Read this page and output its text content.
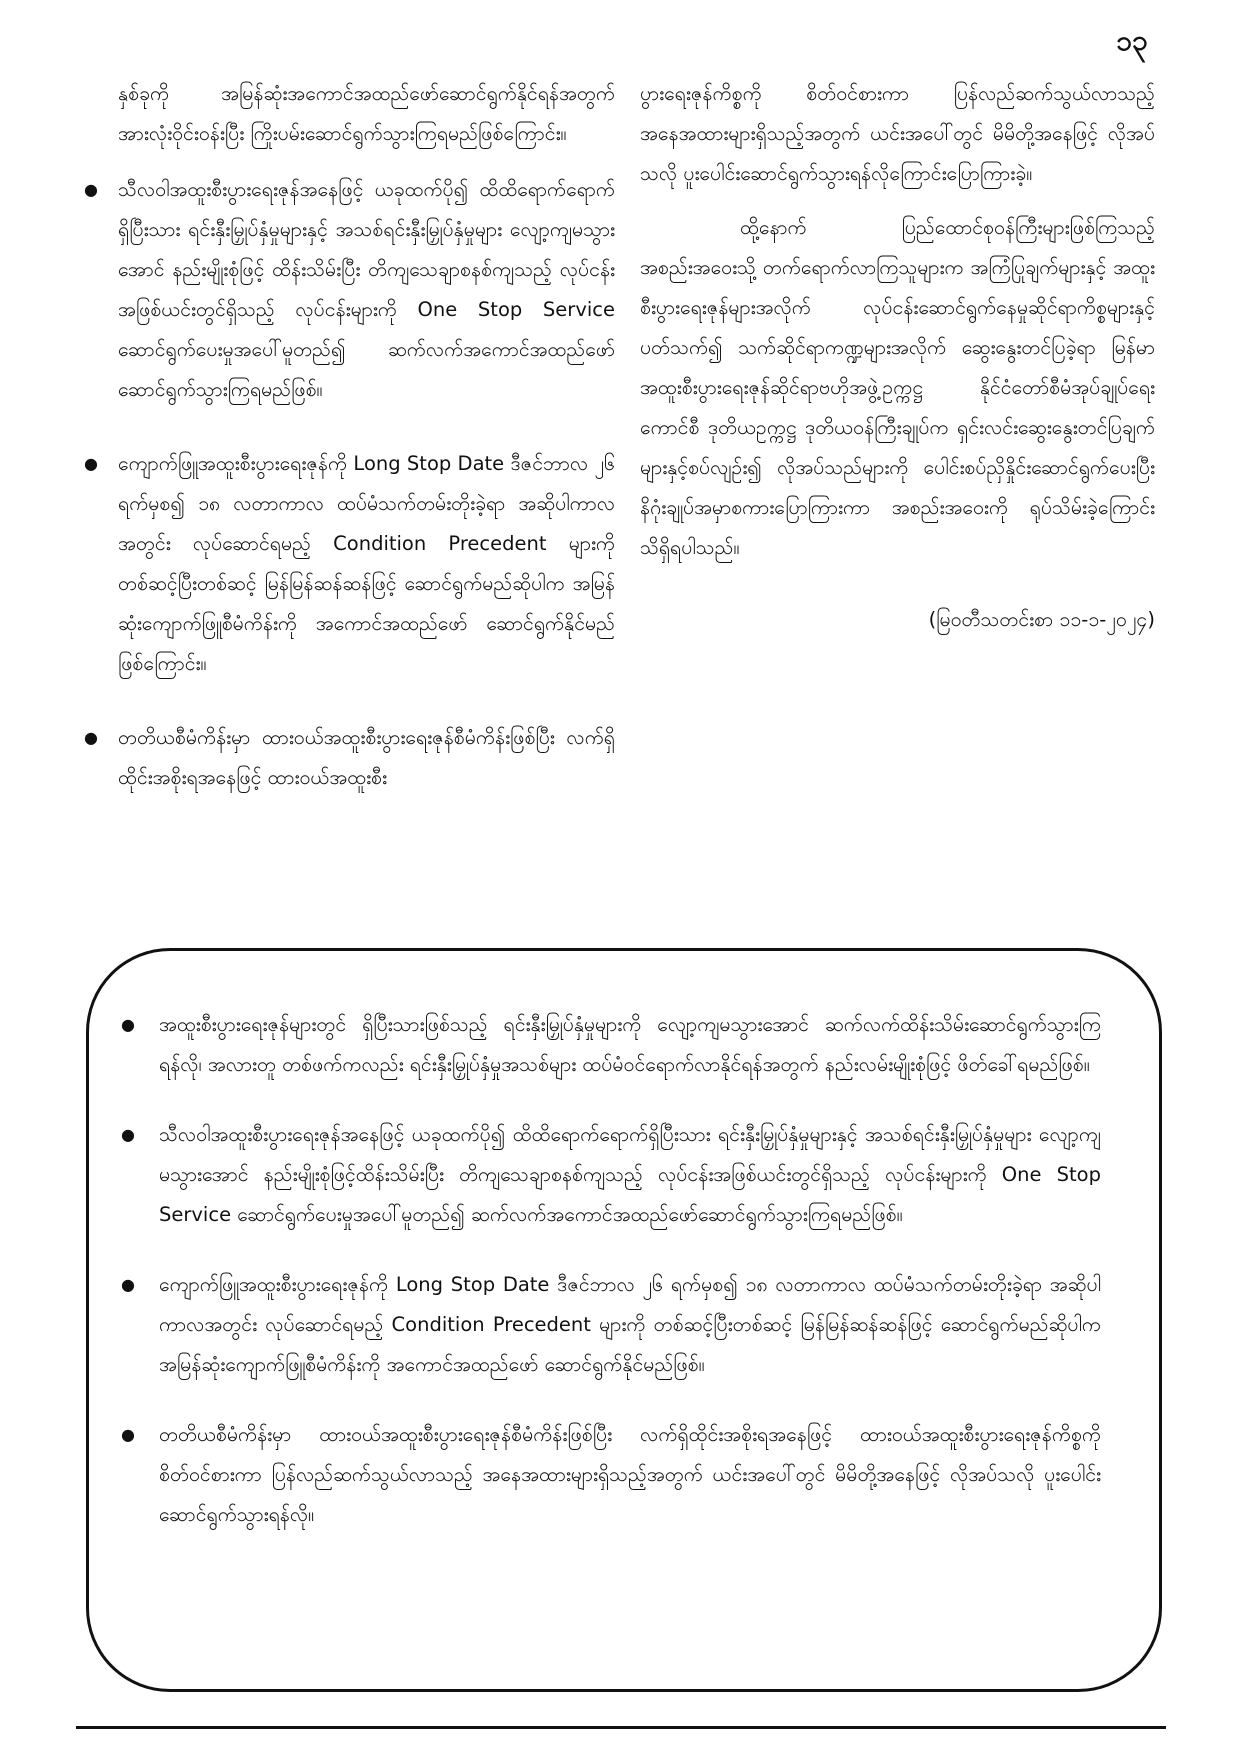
၁၃

နှစ်ခုကို အမြန်ဆုံးအကောင်အထည်ဖော်ဆောင်ရွက်နိုင်ရန်အတွက် အားလုံးဝိုင်းဝန်းပြီး ကြိုးပမ်းဆောင်ရွက်သွားကြရမည်ဖြစ်ကြောင်း။

● သီလဝါအထူးစီးပွားရေးဇုန်အနေဖြင့် ယခုထက်ပို၍ ထိထိရောက်ရောက် ရှိပြီးသား ရင်းနှီးမြှုပ်နှံမှုများနှင့် အသစ်ရင်းနှီးမြှုပ်နှံမှုများ လျော့ကျမသွားအောင် နည်းမျိုးစုံဖြင့် ထိန်းသိမ်းပြီး တိကျသေချာစနစ်ကျသည့် လုပ်ငန်းအဖြစ်ယင်းတွင်ရှိသည့် လုပ်ငန်းများကို One Stop Service ဆောင်ရွက်ပေးမှုအပေါ်မူတည်၍ ဆက်လက်အကောင်အထည်ဖော်ဆောင်ရွက်သွားကြရမည်ဖြစ်။
● ကျောက်ဖြူအထူးစီးပွားရေးဇုန်ကို Long Stop Date ဒီဇင်ဘာလ ၂၆ ရက်မှစ၍ ၁၈ လတာကာလ ထပ်မံသက်တမ်းတိုးခဲ့ရာ အဆိုပါကာလအတွင်း လုပ်ဆောင်ရမည့် Condition Precedent များကို တစ်ဆင့်ပြီးတစ်ဆင့် မြန်မြန်ဆန်ဆန်ဖြင့် ဆောင်ရွက်မည်ဆိုပါက အမြန်ဆုံးကျောက်ဖြူစီမံကိန်းကို အကောင်အထည်ဖော် ဆောင်ရွက်နိုင်မည်ဖြစ်ကြောင်း။
● တတိယစီမံကိန်းမှာ ထားဝယ်အထူးစီးပွားရေးဇုန်စီမံကိန်းဖြစ်ပြီး လက်ရှိထိုင်းအစိုးရအနေဖြင့် ထားဝယ်အထူးစီး

ပွားရေးဇုန်ကိစ္စကို စိတ်ဝင်စားကာ ပြန်လည်ဆက်သွယ်လာသည့် အနေအထားများရှိသည့်အတွက် ယင်းအပေါ်တွင် မိမိတို့အနေဖြင့် လိုအပ်သလို ပူးပေါင်းဆောင်ရွက်သွားရန်လိုကြောင်းပြောကြားခဲ့။

ထို့နောက် ပြည်ထောင်စုဝန်ကြီးများဖြစ်ကြသည့် အစည်းအဝေးသို့ တက်ရောက်လာကြသူများက အကြံပြုချက်များနှင့် အထူးစီးပွားရေးဇုန်များအလိုက် လုပ်ငန်းဆောင်ရွက်နေမှုဆိုင်ရာကိစ္စများနှင့်ပတ်သက်၍ သက်ဆိုင်ရာကဏ္ဍများအလိုက် ဆွေးနွေးတင်ပြခဲ့ရာ မြန်မာအထူးစီးပွားရေးဇုန်ဆိုင်ရာဗဟိုအဖွဲ့ဥက္ကဋ္ဌ နိုင်ငံတော်စီမံအုပ်ချုပ်ရေးကောင်စီ ဒုတိယဥက္ကဋ္ဌ ဒုတိယဝန်ကြီးချုပ်က ရှင်းလင်းဆွေးနွေးတင်ပြချက်များနှင့်စပ်လျဉ်း၍ လိုအပ်သည်များကို ပေါင်းစပ်ညှိနှိုင်းဆောင်ရွက်ပေးပြီး နိဂုံးချုပ်အမှာစကားပြောကြားကာ အစည်းအဝေးကို ရုပ်သိမ်းခဲ့ကြောင်း သိရှိရပါသည်။

(မြဝတီသတင်းစာ ၁၁-၁-၂၀၂၄)

● အထူးစီးပွားရေးဇုန်များတွင် ရှိပြီးသားဖြစ်သည့် ရင်းနှီးမြှုပ်နှံမှုများကို လျော့ကျမသွားအောင် ဆက်လက်ထိန်းသိမ်းဆောင်ရွက်သွားကြရန်လို၊ အလားတူ တစ်ဖက်ကလည်း ရင်းနှီးမြှုပ်နှံမှုအသစ်များ ထပ်မံဝင်ရောက်လာနိုင်ရန်အတွက် နည်းလမ်းမျိုးစုံဖြင့် ဖိတ်ခေါ်ရမည်ဖြစ်။
● သီလဝါအထူးစီးပွားရေးဇုန်အနေဖြင့် ယခုထက်ပို၍ ထိထိရောက်ရောက်ရှိပြီးသား ရင်းနှီးမြှုပ်နှံမှုများနှင့် အသစ်ရင်းနှီးမြှုပ်နှံမှုများ လျော့ကျမသွားအောင် နည်းမျိုးစုံဖြင့်ထိန်းသိမ်းပြီး တိကျသေချာစနစ်ကျသည့် လုပ်ငန်းအဖြစ်ယင်းတွင်ရှိသည့် လုပ်ငန်းများကို One Stop Service ဆောင်ရွက်ပေးမှုအပေါ်မူတည်၍ ဆက်လက်အကောင်အထည်ဖော်ဆောင်ရွက်သွားကြရမည်ဖြစ်။
● ကျောက်ဖြူအထူးစီးပွားရေးဇုန်ကို Long Stop Date ဒီဇင်ဘာလ ၂၆ ရက်မှစ၍ ၁၈ လတာကာလ ထပ်မံသက်တမ်းတိုးခဲ့ရာ အဆိုပါကာလအတွင်း လုပ်ဆောင်ရမည့် Condition Precedent များကို တစ်ဆင့်ပြီးတစ်ဆင့် မြန်မြန်ဆန်ဆန်ဖြင့် ဆောင်ရွက်မည်ဆိုပါက အမြန်ဆုံးကျောက်ဖြူစီမံကိန်းကို အကောင်အထည်ဖော် ဆောင်ရွက်နိုင်မည်ဖြစ်။
● တတိယစီမံကိန်းမှာ ထားဝယ်အထူးစီးပွားရေးဇုန်စီမံကိန်းဖြစ်ပြီး လက်ရှိထိုင်းအစိုးရအနေဖြင့် ထားဝယ်အထူးစီးပွားရေးဇုန်ကိစ္စကို စိတ်ဝင်စားကာ ပြန်လည်ဆက်သွယ်လာသည့် အနေအထားများရှိသည့်အတွက် ယင်းအပေါ်တွင် မိမိတို့အနေဖြင့် လိုအပ်သလို ပူးပေါင်းဆောင်ရွက်သွားရန်လို။
